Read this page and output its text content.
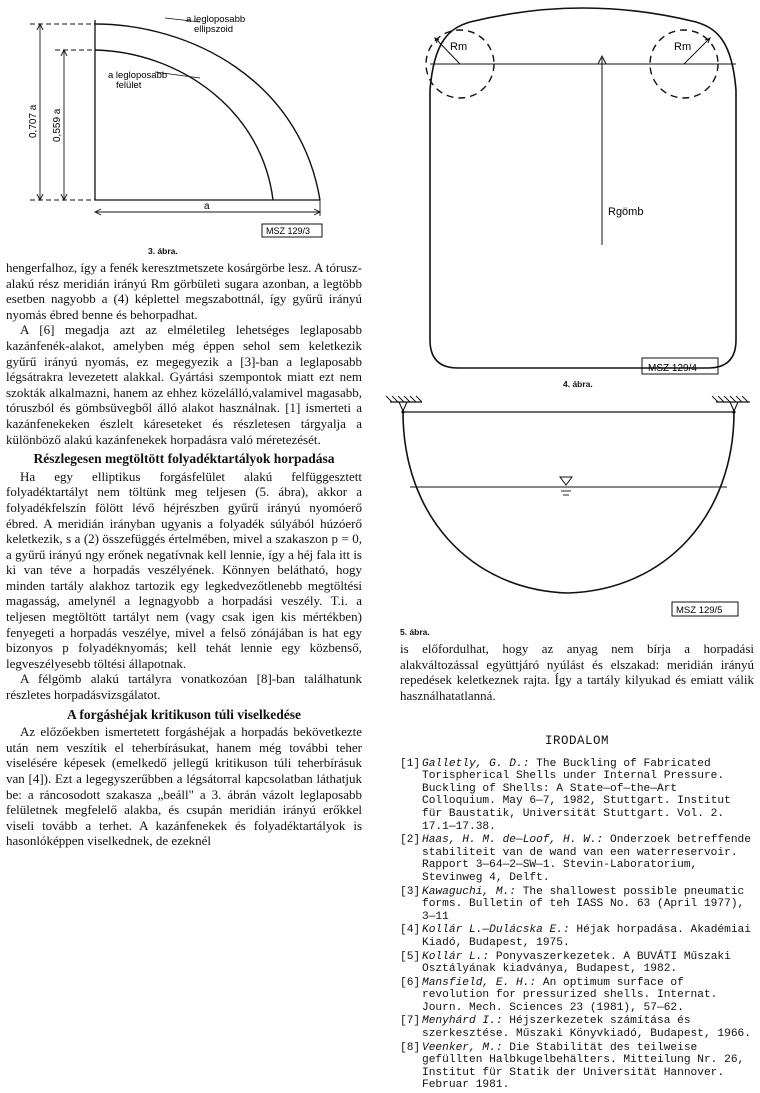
a legloposabb
a legloposabb
0,707 a 0,559 a
a
MSZ 129/3
ellipszoid
felület
3. ábra.
Rm	Rm
Rgömb
MSZ 129/4
4. ábra.
MSZ 129/5
5. ábra.

hengerfalhoz, így a fenék keresztmetszete kosárgörbe lesz. A tórusz-alakú rész meridián irányú Rm görbületi sugara azonban, a legtöbb esetben nagyobb a (4) képlettel megszabottnál, így gyűrű irányú nyomás ébred benne és behorpadhat.

A [6] megadja azt az elméletileg lehetséges leglaposabb kazánfenék-alakot, amelyben még éppen sehol sem keletkezik gyűrű irányú nyomás, ez megegyezik a [3]-ban a leglaposabb légsátrakra levezetett alakkal. Gyártási szempontok miatt ezt nem szokták alkalmazni, hanem az ehhez közelálló,valamivel magasabb, tóruszból és gömbsüvegből álló alakot használnak. [1] ismerteti a kazánfenekeken észlelt káreseteket és részletesen tárgyalja a különböző alakú kazánfenekek horpadásra való méretezését.

Részlegesen megtöltött folyadéktartályok horpadása

Ha egy elliptikus forgásfelület alakú felfüggesztett folyadéktartályt nem töltünk meg teljesen (5. ábra), akkor a folyadékfelszín fölött lévő héjrészben gyűrű irányú nyomóerő ébred. A meridián irányban ugyanis a folyadék súlyából húzóerő keletkezik, s a (2) összefüggés értelmében, mivel a szakaszon p = 0, a gyűrű irányú ngy erőnek negatívnak kell lennie, így a héj fala itt is ki van téve a horpadás veszélyének. Könnyen belátható, hogy minden tartály alakhoz tartozik egy legkedvezőtlenebb megtöltési magasság, amelynél a legnagyobb a horpadási veszély. T.i. a teljesen megtöltött tartályt nem (vagy csak igen kis mértékben) fenyegeti a horpadás veszélye, mivel a felső zónájában is hat egy bizonyos p folyadéknyomás; kell tehát lennie egy közbenső, legveszélyesebb töltési állapotnak.

A félgömb alakú tartályra vonatkozóan [8]-ban találhatunk részletes horpadásvizsgálatot.

A forgáshéjak kritikuson túli viselkedése

Az előzőekben ismertetett forgáshéjak a horpadás bekövetkezte után nem veszítik el teherbírásukat, hanem még további teher viselésére képesek (emelkedő jellegű kritikuson túli teherbírásuk van [4]). Ezt a legegyszerűbben a légsátorral kapcsolatban láthatjuk be: a ráncosodott szakasza „beáll" a 3. ábrán vázolt leglaposabb felületnek megfelelő alakba, és csupán meridián irányú erőkkel viseli tovább a terhet. A kazánfenekek és folyadéktartályok is hasonlóképpen viselkednek, de ezeknél

is előfordulhat, hogy az anyag nem bírja a horpadási alakváltozással együttjáró nyúlást és elszakad: meridián irányú repedések keletkeznek rajta. Így a tartály kilyukad és emiatt válik használhatatlanná.

IRODALOM
[1] Galletly, G. D.: The Buckling of Fabricated Torispherical Shells under Internal Pressure. Buckling of Shells: A State—of—the—Art Colloquium. May 6—7, 1982, Stuttgart. Institut für Baustatik, Universität Stuttgart. Vol. 2. 17.1—17.38.
[2] Haas, H. M. de—Loof, H. W.: Onderzoek betreffende stabiliteit van de wand van een waterreservoir. Rapport 3—64—2—SW—1. Stevin-Laboratorium, Stevinweg 4, Delft.
[3] Kawaguchi, M.: The shallowest possible pneumatic forms. Bulletin of teh IASS No. 63 (April 1977), 3—11
[4] Kollár L.—Dulácska E.: Héjak horpadása. Akadémiai Kiadó, Budapest, 1975.
[5] Kollár L.: Ponyvaszerkezetek. A BUVÁTI Műszaki Osztályának kiadványa, Budapest, 1982.
[6] Mansfield, E. H.: An optimum surface of revolution for pressurized shells. Internat. Journ. Mech. Sciences 23 (1981), 57—62.
[7] Menyhárd I.: Héjszerkezetek számítása és szerkesztése. Műszaki Könyvkiadó, Budapest, 1966.
[8] Veenker, M.: Die Stabilität des teilweise gefüllten Halbkugelbehälters. Mitteilung Nr. 26, Institut für Statik der Universität Hannover. Februar 1981.
